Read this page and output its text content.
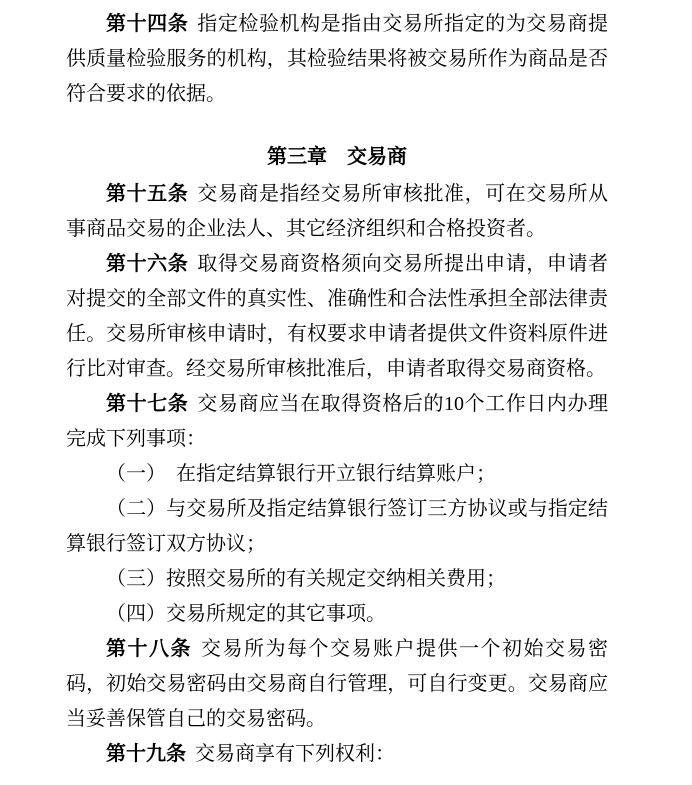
第十四条 指定检验机构是指由交易所指定的为交易商提供质量检验服务的机构，其检验结果将被交易所作为商品是否符合要求的依据。

第三章　交易商

第十五条 交易商是指经交易所审核批准，可在交易所从事商品交易的企业法人、其它经济组织和合格投资者。

第十六条 取得交易商资格须向交易所提出申请，申请者对提交的全部文件的真实性、准确性和合法性承担全部法律责任。交易所审核申请时，有权要求申请者提供文件资料原件进行比对审查。经交易所审核批准后，申请者取得交易商资格。

第十七条 交易商应当在取得资格后的10个工作日内办理完成下列事项：

（一）　在指定结算银行开立银行结算账户；

（二）与交易所及指定结算银行签订三方协议或与指定结算银行签订双方协议；

（三）按照交易所的有关规定交纳相关费用；

（四）交易所规定的其它事项。

第十八条 交易所为每个交易账户提供一个初始交易密码，初始交易密码由交易商自行管理，可自行变更。交易商应当妥善保管自己的交易密码。

第十九条 交易商享有下列权利：
